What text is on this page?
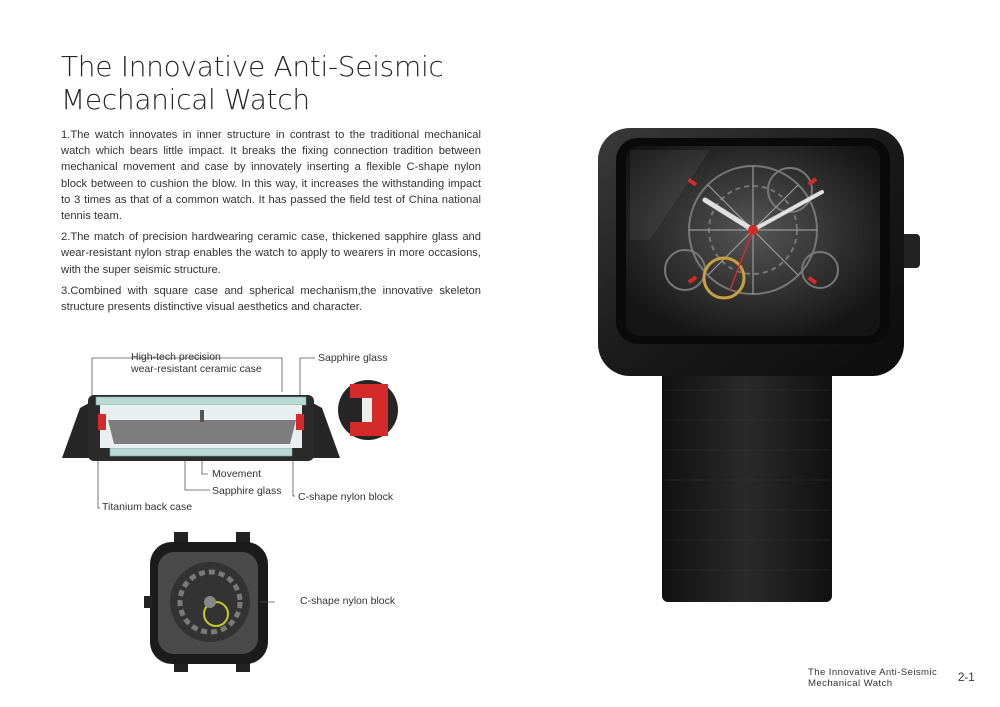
The Innovative Anti-Seismic
Mechanical Watch

1.The watch innovates in inner structure in contrast to the traditional mechanical watch which bears little impact. It breaks the fixing connection tradition between mechanical movement and case by innovately inserting a flexible C-shape nylon block between to cushion the blow. In this way, it increases the withstanding impact to 3 times as that of a common watch. It has passed the field test of China national tennis team.

2.The match of precision hardwearing ceramic case, thickened sapphire glass and wear-resistant nylon strap enables the watch to apply to wearers in more occasions, with the super seismic structure.

3.Combined with square case and spherical mechanism,the innovative skeleton structure presents distinctive visual aesthetics and character.

High-tech precision
wear-resistant ceramic case
Sapphire glass
Movement
Sapphire glass
Titanium back case
C-shape nylon block
C-shape nylon block
The Innovative Anti-Seismic
Mechanical Watch	2-1
